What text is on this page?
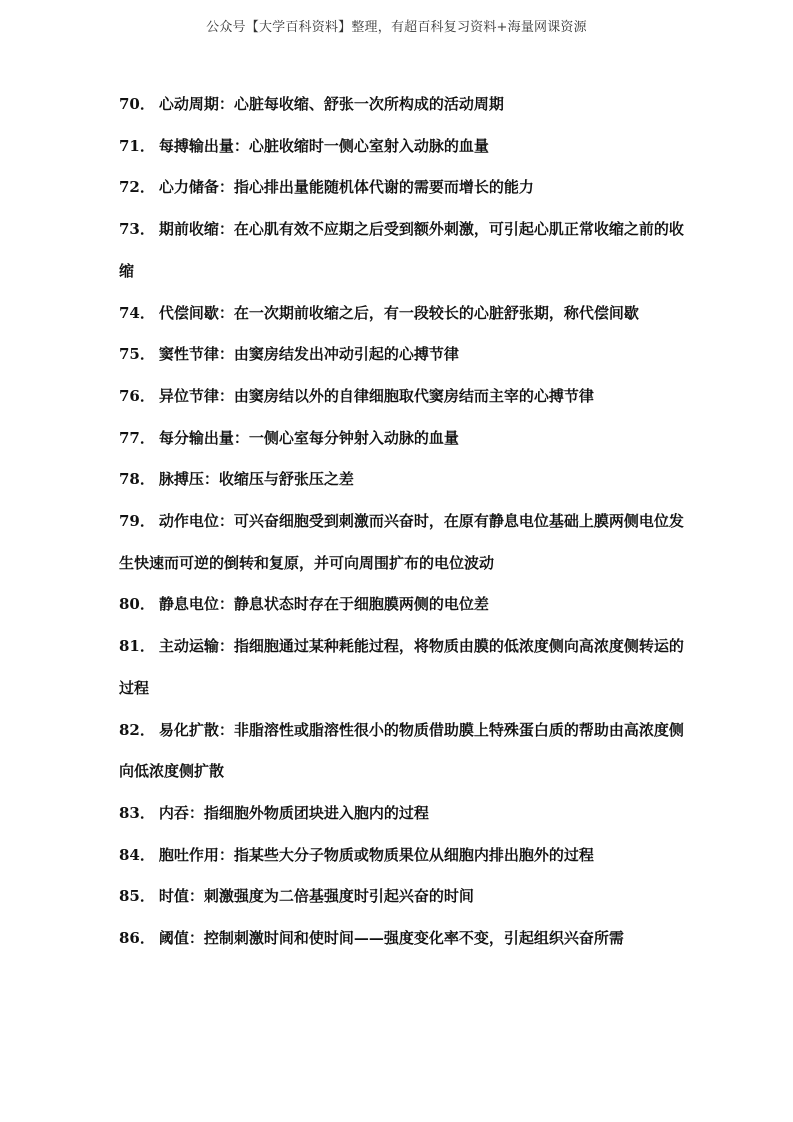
公众号【大学百科资料】整理，有超百科复习资料+海量网课资源

70． 心动周期：心脏每收缩、舒张一次所构成的活动周期

71． 每搏输出量：心脏收缩时一侧心室射入动脉的血量

72． 心力储备：指心排出量能随机体代谢的需要而增长的能力

73． 期前收缩：在心肌有效不应期之后受到额外刺激，可引起心肌正常收缩之前的收缩

74． 代偿间歇：在一次期前收缩之后，有一段较长的心脏舒张期，称代偿间歇

75． 窦性节律：由窦房结发出冲动引起的心搏节律

76． 异位节律：由窦房结以外的自律细胞取代窦房结而主宰的心搏节律

77． 每分输出量：一侧心室每分钟射入动脉的血量

78． 脉搏压：收缩压与舒张压之差

79． 动作电位：可兴奋细胞受到刺激而兴奋时，在原有静息电位基础上膜两侧电位发生快速而可逆的倒转和复原，并可向周围扩布的电位波动

80． 静息电位：静息状态时存在于细胞膜两侧的电位差

81． 主动运输：指细胞通过某种耗能过程，将物质由膜的低浓度侧向高浓度侧转运的过程

82． 易化扩散：非脂溶性或脂溶性很小的物质借助膜上特殊蛋白质的帮助由高浓度侧向低浓度侧扩散

83． 内吞：指细胞外物质团块进入胞内的过程

84． 胞吐作用：指某些大分子物质或物质果位从细胞内排出胞外的过程

85． 时值：刺激强度为二倍基强度时引起兴奋的时间

86． 阈值：控制刺激时间和使时间——强度变化率不变，引起组织兴奋所需
